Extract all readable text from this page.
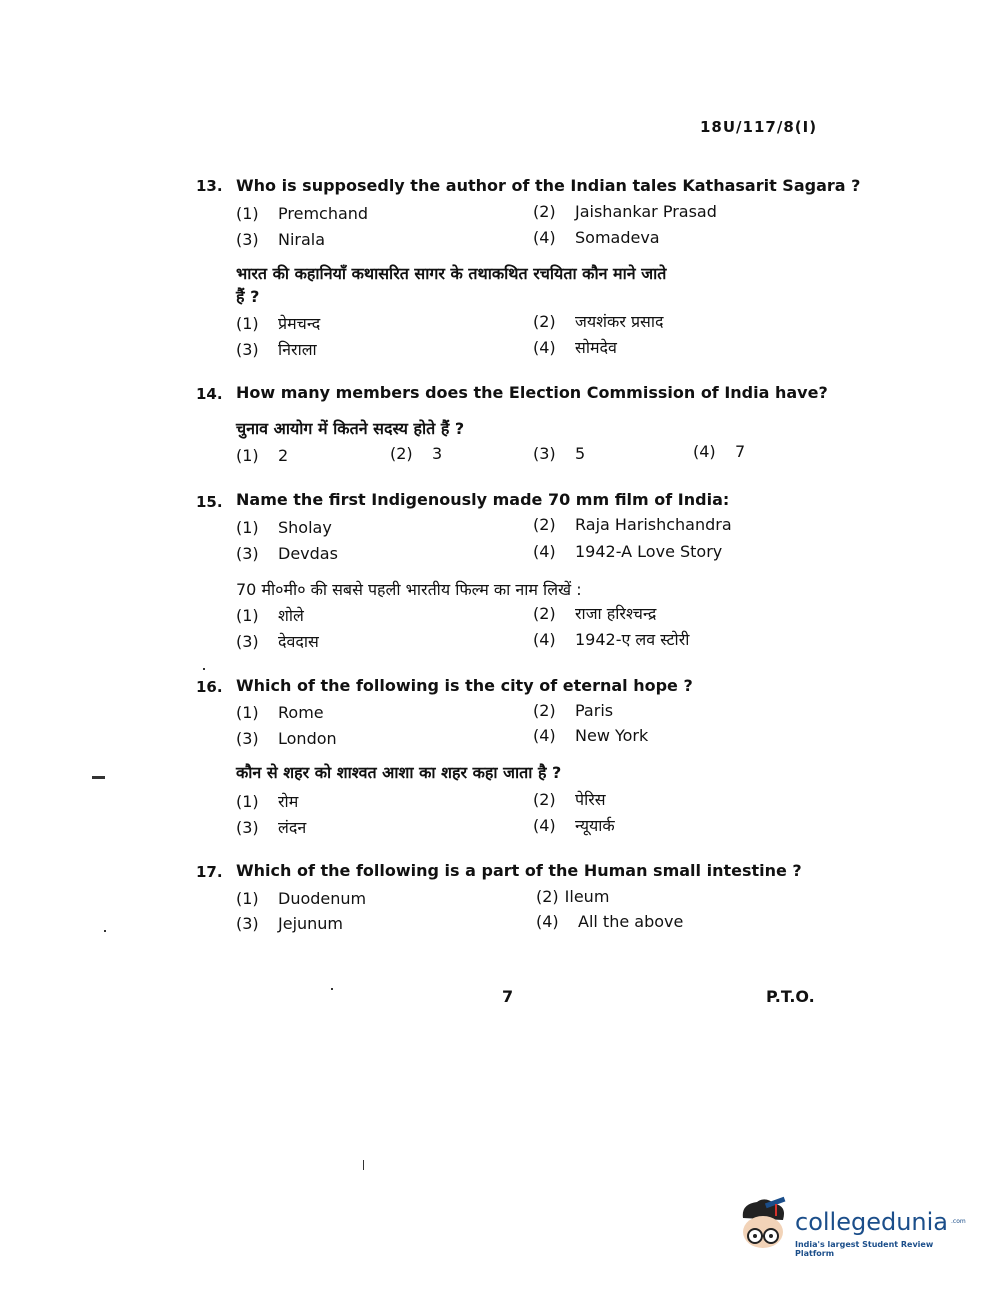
18U/117/8(I)
13. Who is supposedly the author of the Indian tales Kathasarit Sagara ?
(1) Premchand	(2) Jaishankar Prasad
(3) Nirala	(4) Somadeva
भारत की कहानियाँ कथासरित सागर के तथाकथित रचयिता कौन माने जाते
हैं ?
(1) प्रेमचन्द	(2) जयशंकर प्रसाद
(3) निराला	(4) सोमदेव
14. How many members does the Election Commission of India have?
चुनाव आयोग में कितने सदस्य होते हैं ?
(1) 2	(2) 3	(3) 5	(4) 7
15. Name the first Indigenously made 70 mm film of India:
(1) Sholay	(2) Raja Harishchandra
(3) Devdas	(4) 1942-A Love Story
70 मी०मी० की सबसे पहली भारतीय फिल्म का नाम लिखें :
(1) शोले	(2) राजा हरिश्चन्द्र
(3) देवदास	(4) 1942-ए लव स्टोरी
16. Which of the following is the city of eternal hope ?
(1) Rome	(2) Paris
(3) London	(4) New York
कौन से शहर को शाश्वत आशा का शहर कहा जाता है ?
(1) रोम	(2) पेरिस
(3) लंदन	(4) न्यूयार्क
17. Which of the following is a part of the Human small intestine ?
(1) Duodenum	(2) Ileum
(3) Jejunum	(4) All the above
7	P.T.O.
collegedunia .com
India's largest Student Review Platform
